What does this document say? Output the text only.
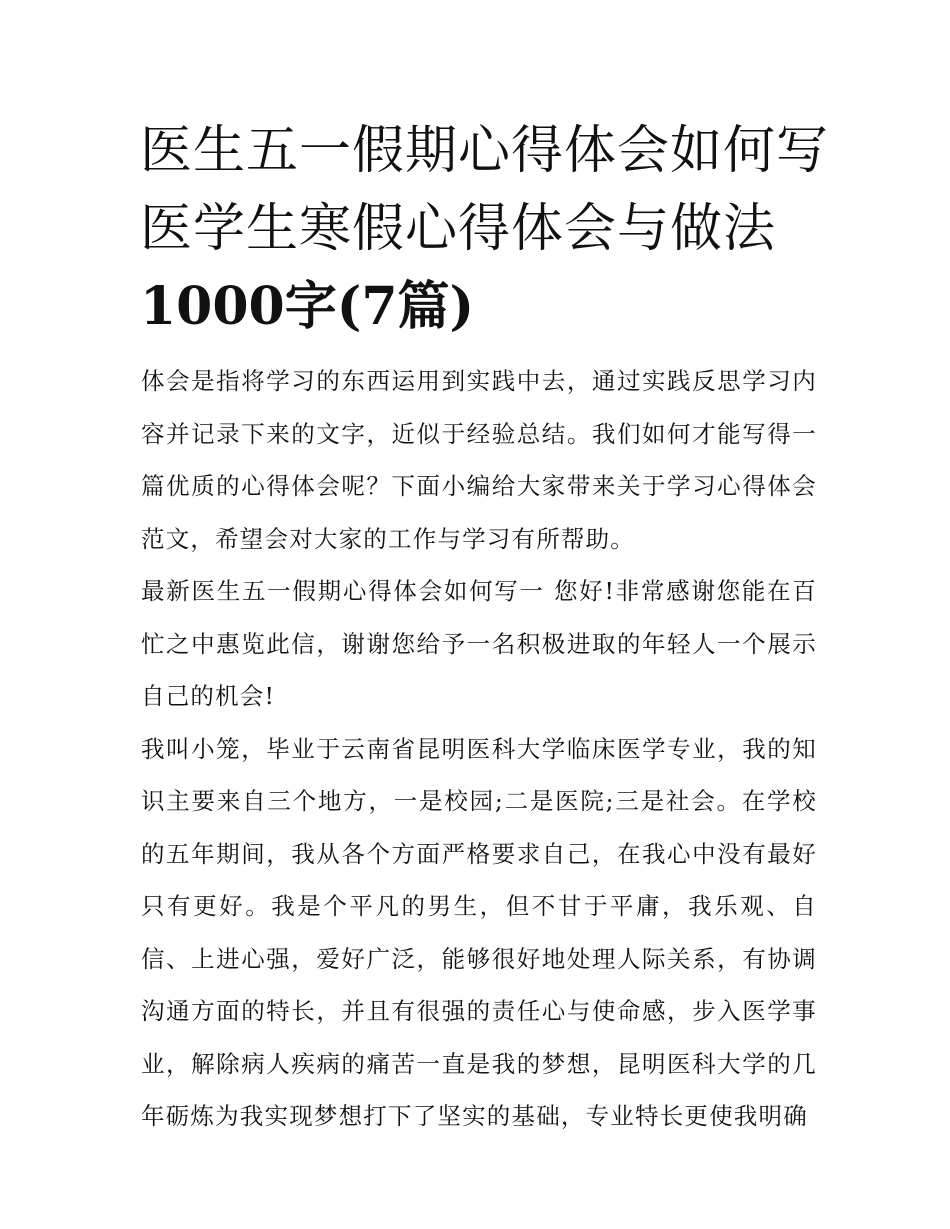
医生五一假期心得体会如何写
医学生寒假心得体会与做法
1000字(7篇)

体会是指将学习的东西运用到实践中去，通过实践反思学习内容并记录下来的文字，近似于经验总结。我们如何才能写得一篇优质的心得体会呢？下面小编给大家带来关于学习心得体会范文，希望会对大家的工作与学习有所帮助。

最新医生五一假期心得体会如何写一 您好!非常感谢您能在百忙之中惠览此信，谢谢您给予一名积极进取的年轻人一个展示自己的机会!

我叫小笼，毕业于云南省昆明医科大学临床医学专业，我的知识主要来自三个地方，一是校园;二是医院;三是社会。在学校的五年期间，我从各个方面严格要求自己，在我心中没有最好只有更好。我是个平凡的男生，但不甘于平庸，我乐观、自信、上进心强，爱好广泛，能够很好地处理人际关系，有协调沟通方面的特长，并且有很强的责任心与使命感，步入医学事业，解除病人疾病的痛苦一直是我的梦想，昆明医科大学的几年砺炼为我实现梦想打下了坚实的基础，专业特长更使我明确
